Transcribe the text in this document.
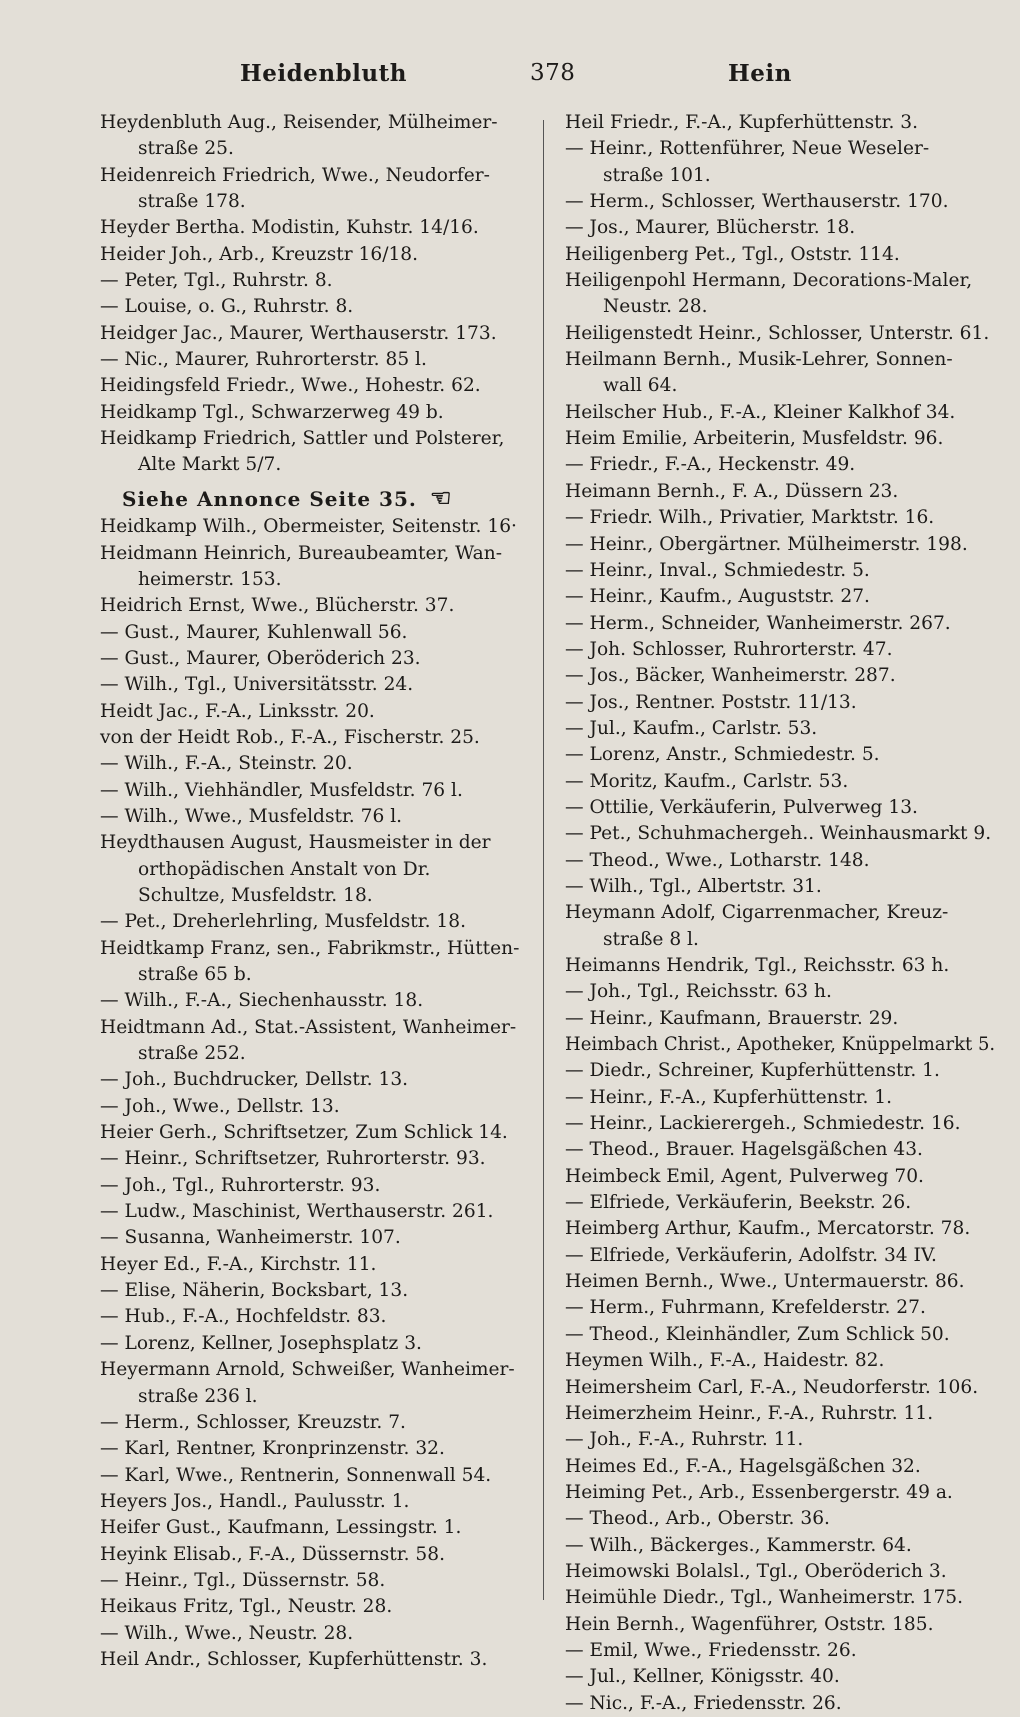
Heidenbluth	378	Hein
Heydenbluth Aug., Reisender, Mülheimer-
straße 25.
Heidenreich Friedrich, Wwe., Neudorfer-
straße 178.
Heyder Bertha. Modistin, Kuhstr. 14/16.
Heider Joh., Arb., Kreuzstr 16/18.
— Peter, Tgl., Ruhrstr. 8.
— Louise, o. G., Ruhrstr. 8.
Heidger Jac., Maurer, Werthauserstr. 173.
— Nic., Maurer, Ruhrorterstr. 85 l.
Heidingsfeld Friedr., Wwe., Hohestr. 62.
Heidkamp Tgl., Schwarzerweg 49 b.
Heidkamp Friedrich, Sattler und Polsterer,
Alte Markt 5/7.
Siehe Annonce Seite 35. ☞
Heidkamp Wilh., Obermeister, Seitenstr. 16·
Heidmann Heinrich, Bureaubeamter, Wan-
heimerstr. 153.
Heidrich Ernst, Wwe., Blücherstr. 37.
— Gust., Maurer, Kuhlenwall 56.
— Gust., Maurer, Oberöderich 23.
— Wilh., Tgl., Universitätsstr. 24.
Heidt Jac., F.-A., Linksstr. 20.
von der Heidt Rob., F.-A., Fischerstr. 25.
— Wilh., F.-A., Steinstr. 20.
— Wilh., Viehhändler, Musfeldstr. 76 l.
— Wilh., Wwe., Musfeldstr. 76 l.
Heydthausen August, Hausmeister in der
orthopädischen Anstalt von Dr.
Schultze, Musfeldstr. 18.
— Pet., Dreherlehrling, Musfeldstr. 18.
Heidtkamp Franz, sen., Fabrikmstr., Hütten-
straße 65 b.
— Wilh., F.-A., Siechenhausstr. 18.
Heidtmann Ad., Stat.-Assistent, Wanheimer-
straße 252.
— Joh., Buchdrucker, Dellstr. 13.
— Joh., Wwe., Dellstr. 13.
Heier Gerh., Schriftsetzer, Zum Schlick 14.
— Heinr., Schriftsetzer, Ruhrorterstr. 93.
— Joh., Tgl., Ruhrorterstr. 93.
— Ludw., Maschinist, Werthauserstr. 261.
— Susanna, Wanheimerstr. 107.
Heyer Ed., F.-A., Kirchstr. 11.
— Elise, Näherin, Bocksbart, 13.
— Hub., F.-A., Hochfeldstr. 83.
— Lorenz, Kellner, Josephsplatz 3.
Heyermann Arnold, Schweißer, Wanheimer-
straße 236 l.
— Herm., Schlosser, Kreuzstr. 7.
— Karl, Rentner, Kronprinzenstr. 32.
— Karl, Wwe., Rentnerin, Sonnenwall 54.
Heyers Jos., Handl., Paulusstr. 1.
Heifer Gust., Kaufmann, Lessingstr. 1.
Heyink Elisab., F.-A., Düssernstr. 58.
— Heinr., Tgl., Düssernstr. 58.
Heikaus Fritz, Tgl., Neustr. 28.
— Wilh., Wwe., Neustr. 28.
Heil Andr., Schlosser, Kupferhüttenstr. 3.
Heil Friedr., F.-A., Kupferhüttenstr. 3.
— Heinr., Rottenführer, Neue Weseler-
straße 101.
— Herm., Schlosser, Werthauserstr. 170.
— Jos., Maurer, Blücherstr. 18.
Heiligenberg Pet., Tgl., Oststr. 114.
Heiligenpohl Hermann, Decorations-Maler,
Neustr. 28.
Heiligenstedt Heinr., Schlosser, Unterstr. 61.
Heilmann Bernh., Musik-Lehrer, Sonnen-
wall 64.
Heilscher Hub., F.-A., Kleiner Kalkhof 34.
Heim Emilie, Arbeiterin, Musfeldstr. 96.
— Friedr., F.-A., Heckenstr. 49.
Heimann Bernh., F. A., Düssern 23.
— Friedr. Wilh., Privatier, Marktstr. 16.
— Heinr., Obergärtner. Mülheimerstr. 198.
— Heinr., Inval., Schmiedestr. 5.
— Heinr., Kaufm., Auguststr. 27.
— Herm., Schneider, Wanheimerstr. 267.
— Joh. Schlosser, Ruhrorterstr. 47.
— Jos., Bäcker, Wanheimerstr. 287.
— Jos., Rentner. Poststr. 11/13.
— Jul., Kaufm., Carlstr. 53.
— Lorenz, Anstr., Schmiedestr. 5.
— Moritz, Kaufm., Carlstr. 53.
— Ottilie, Verkäuferin, Pulverweg 13.
— Pet., Schuhmachergeh.. Weinhausmarkt 9.
— Theod., Wwe., Lotharstr. 148.
— Wilh., Tgl., Albertstr. 31.
Heymann Adolf, Cigarrenmacher, Kreuz-
straße 8 l.
Heimanns Hendrik, Tgl., Reichsstr. 63 h.
— Joh., Tgl., Reichsstr. 63 h.
— Heinr., Kaufmann, Brauerstr. 29.
Heimbach Christ., Apotheker, Knüppelmarkt 5.
— Diedr., Schreiner, Kupferhüttenstr. 1.
— Heinr., F.-A., Kupferhüttenstr. 1.
— Heinr., Lackierergeh., Schmiedestr. 16.
— Theod., Brauer. Hagelsgäßchen 43.
Heimbeck Emil, Agent, Pulverweg 70.
— Elfriede, Verkäuferin, Beekstr. 26.
Heimberg Arthur, Kaufm., Mercatorstr. 78.
— Elfriede, Verkäuferin, Adolfstr. 34 IV.
Heimen Bernh., Wwe., Untermauerstr. 86.
— Herm., Fuhrmann, Krefelderstr. 27.
— Theod., Kleinhändler, Zum Schlick 50.
Heymen Wilh., F.-A., Haidestr. 82.
Heimersheim Carl, F.-A., Neudorferstr. 106.
Heimerzheim Heinr., F.-A., Ruhrstr. 11.
— Joh., F.-A., Ruhrstr. 11.
Heimes Ed., F.-A., Hagelsgäßchen 32.
Heiming Pet., Arb., Essenbergerstr. 49 a.
— Theod., Arb., Oberstr. 36.
— Wilh., Bäckerges., Kammerstr. 64.
Heimowski Bolalsl., Tgl., Oberöderich 3.
Heimühle Diedr., Tgl., Wanheimerstr. 175.
Hein Bernh., Wagenführer, Oststr. 185.
— Emil, Wwe., Friedensstr. 26.
— Jul., Kellner, Königsstr. 40.
— Nic., F.-A., Friedensstr. 26.
